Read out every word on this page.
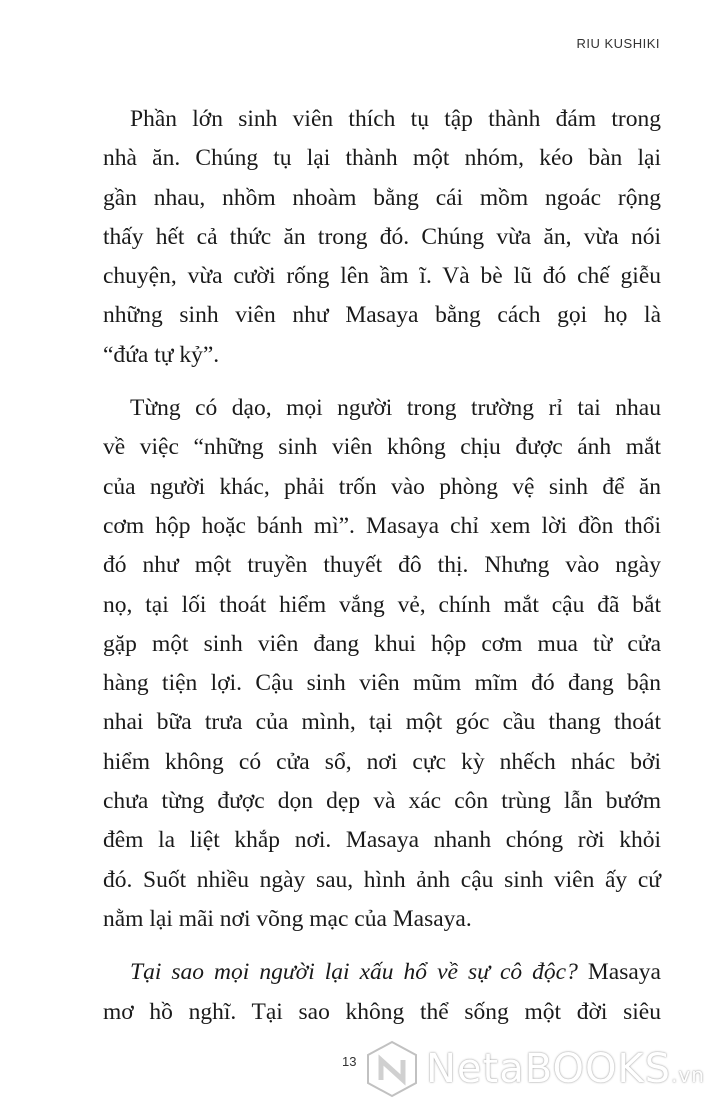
RIU KUSHIKI
Phần lớn sinh viên thích tụ tập thành đám trong
nhà ăn. Chúng tụ lại thành một nhóm, kéo bàn lại
gần nhau, nhồm nhoàm bằng cái mồm ngoác rộng
thấy hết cả thức ăn trong đó. Chúng vừa ăn, vừa nói
chuyện, vừa cười rống lên ầm ĩ. Và bè lũ đó chế giễu
những sinh viên như Masaya bằng cách gọi họ là
“đứa tự kỷ”.
Từng có dạo, mọi người trong trường rỉ tai nhau
về việc “những sinh viên không chịu được ánh mắt
của người khác, phải trốn vào phòng vệ sinh để ăn
cơm hộp hoặc bánh mì”. Masaya chỉ xem lời đồn thổi
đó như một truyền thuyết đô thị. Nhưng vào ngày
nọ, tại lối thoát hiểm vắng vẻ, chính mắt cậu đã bắt
gặp một sinh viên đang khui hộp cơm mua từ cửa
hàng tiện lợi. Cậu sinh viên mũm mĩm đó đang bận
nhai bữa trưa của mình, tại một góc cầu thang thoát
hiểm không có cửa sổ, nơi cực kỳ nhếch nhác bởi
chưa từng được dọn dẹp và xác côn trùng lẫn bướm
đêm la liệt khắp nơi. Masaya nhanh chóng rời khỏi
đó. Suốt nhiều ngày sau, hình ảnh cậu sinh viên ấy cứ
nằm lại mãi nơi võng mạc của Masaya.
Tại sao mọi người lại xấu hổ về sự cô độc? Masaya
mơ hồ nghĩ. Tại sao không thể sống một đời siêu
13 NetaBOOKS.vn
